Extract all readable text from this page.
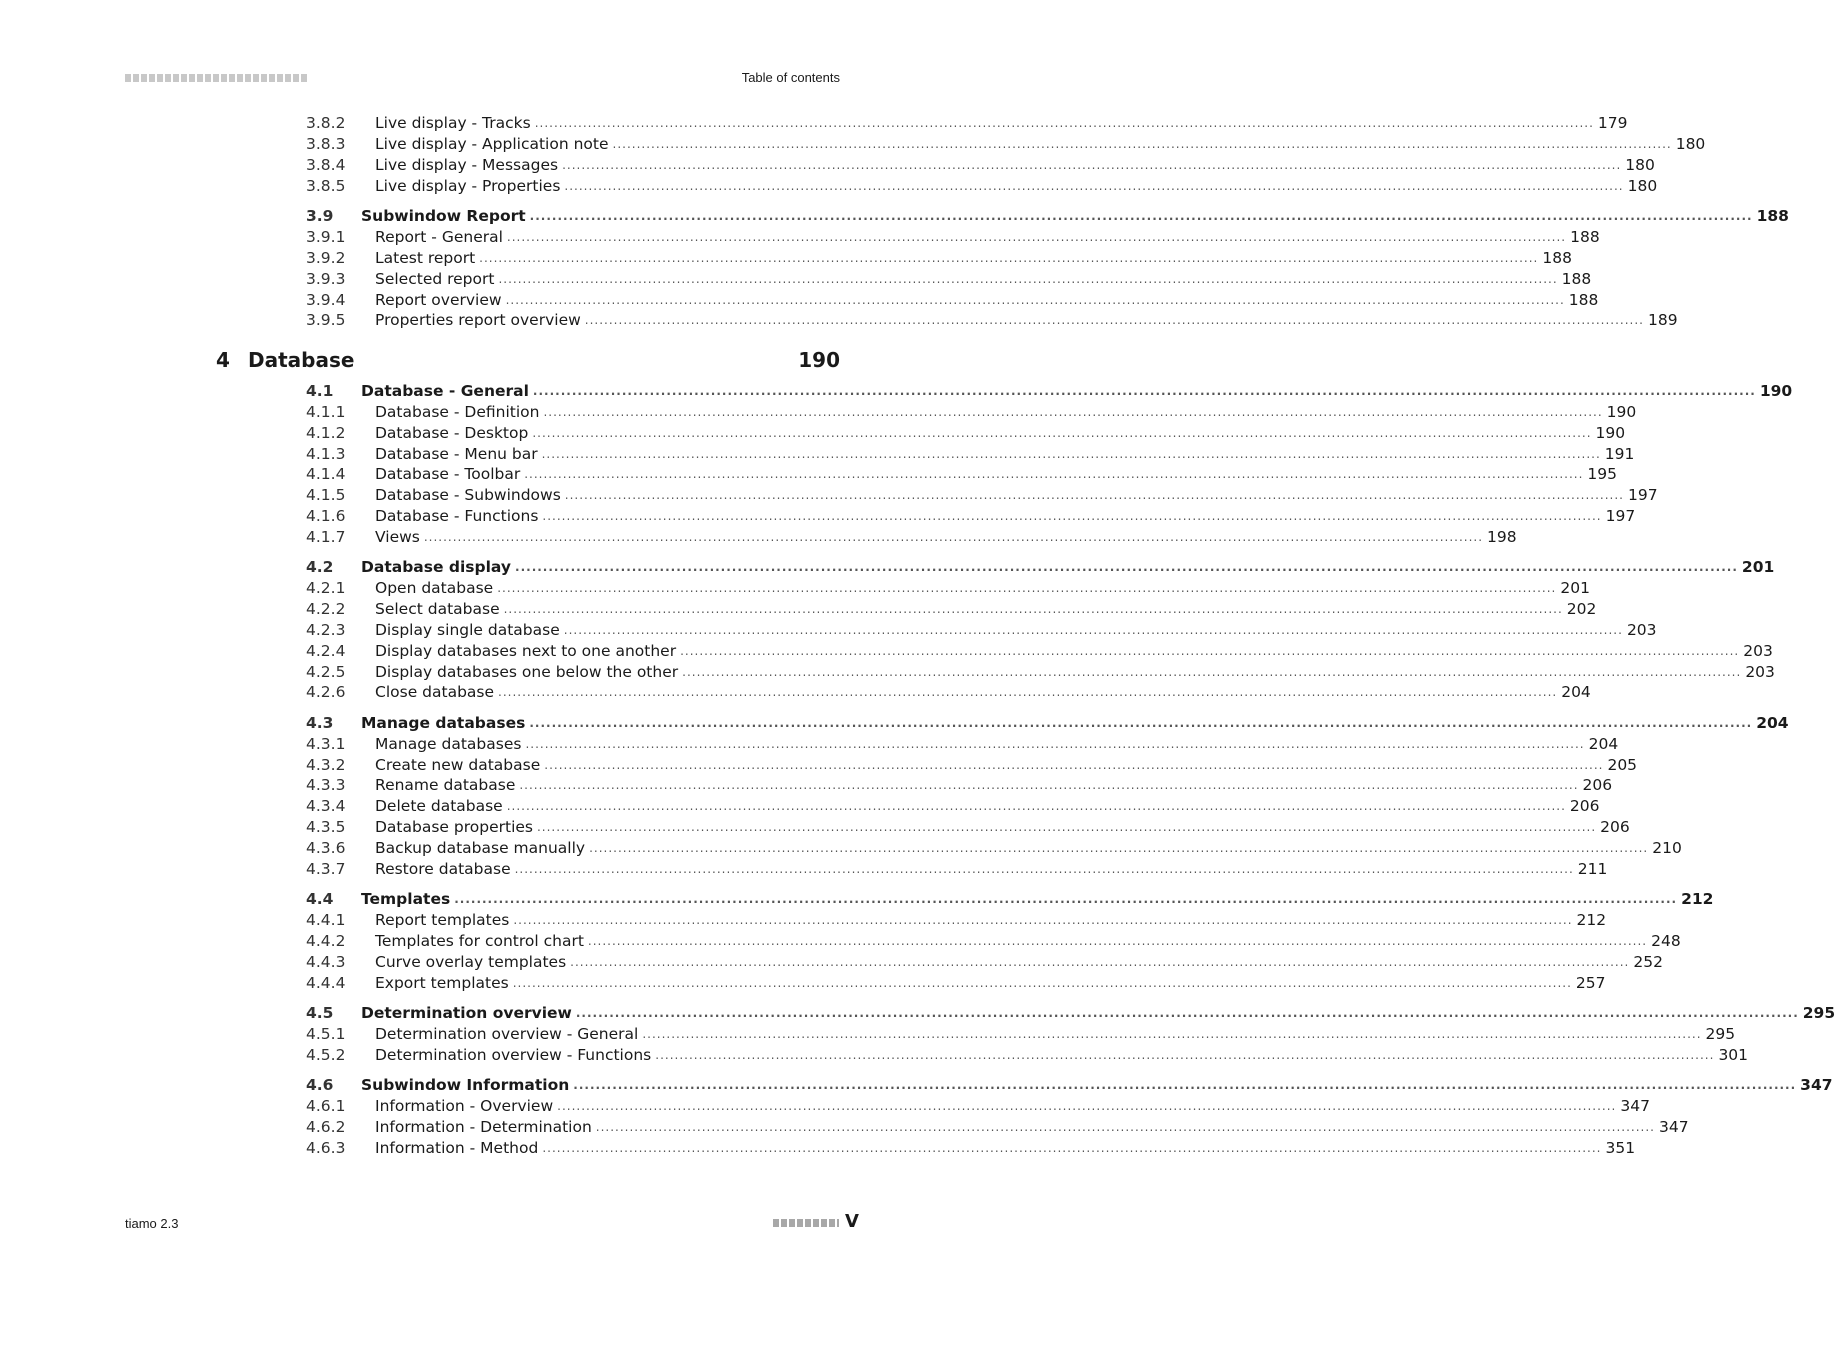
Table of contents
4 Database	190
3.8.2 Live display - Tracks ............................................................................................................................................................................................................................ 179
3.8.3 Live display - Application note ............................................................................................................................................................................................................................ 180
3.8.4 Live display - Messages ............................................................................................................................................................................................................................ 180
3.8.5 Live display - Properties ............................................................................................................................................................................................................................ 180
3.9 Subwindow Report ............................................................................................................................................................................................................................ 188
3.9.1 Report - General ............................................................................................................................................................................................................................ 188
3.9.2 Latest report ............................................................................................................................................................................................................................ 188
3.9.3 Selected report ............................................................................................................................................................................................................................ 188
3.9.4 Report overview ............................................................................................................................................................................................................................ 188
3.9.5 Properties report overview ............................................................................................................................................................................................................................ 189
4.1 Database - General ............................................................................................................................................................................................................................ 190
4.1.1 Database - Definition ............................................................................................................................................................................................................................ 190
4.1.2 Database - Desktop ............................................................................................................................................................................................................................ 190
4.1.3 Database - Menu bar ............................................................................................................................................................................................................................ 191
4.1.4 Database - Toolbar ............................................................................................................................................................................................................................ 195
4.1.5 Database - Subwindows ............................................................................................................................................................................................................................ 197
4.1.6 Database - Functions ............................................................................................................................................................................................................................ 197
4.1.7 Views ............................................................................................................................................................................................................................ 198
4.2 Database display ............................................................................................................................................................................................................................ 201
4.2.1 Open database ............................................................................................................................................................................................................................ 201
4.2.2 Select database ............................................................................................................................................................................................................................ 202
4.2.3 Display single database ............................................................................................................................................................................................................................ 203
4.2.4 Display databases next to one another ............................................................................................................................................................................................................................ 203
4.2.5 Display databases one below the other ............................................................................................................................................................................................................................ 203
4.2.6 Close database ............................................................................................................................................................................................................................ 204
4.3 Manage databases ............................................................................................................................................................................................................................ 204
4.3.1 Manage databases ............................................................................................................................................................................................................................ 204
4.3.2 Create new database ............................................................................................................................................................................................................................ 205
4.3.3 Rename database ............................................................................................................................................................................................................................ 206
4.3.4 Delete database ............................................................................................................................................................................................................................ 206
4.3.5 Database properties ............................................................................................................................................................................................................................ 206
4.3.6 Backup database manually ............................................................................................................................................................................................................................ 210
4.3.7 Restore database ............................................................................................................................................................................................................................ 211
4.4 Templates ............................................................................................................................................................................................................................ 212
4.4.1 Report templates ............................................................................................................................................................................................................................ 212
4.4.2 Templates for control chart ............................................................................................................................................................................................................................ 248
4.4.3 Curve overlay templates ............................................................................................................................................................................................................................ 252
4.4.4 Export templates ............................................................................................................................................................................................................................ 257
4.5 Determination overview ............................................................................................................................................................................................................................ 295
4.5.1 Determination overview - General ............................................................................................................................................................................................................................ 295
4.5.2 Determination overview - Functions ............................................................................................................................................................................................................................ 301
4.6 Subwindow Information ............................................................................................................................................................................................................................ 347
4.6.1 Information - Overview ............................................................................................................................................................................................................................ 347
4.6.2 Information - Determination ............................................................................................................................................................................................................................ 347
4.6.3 Information - Method ............................................................................................................................................................................................................................ 351
tiamo 2.3	V
